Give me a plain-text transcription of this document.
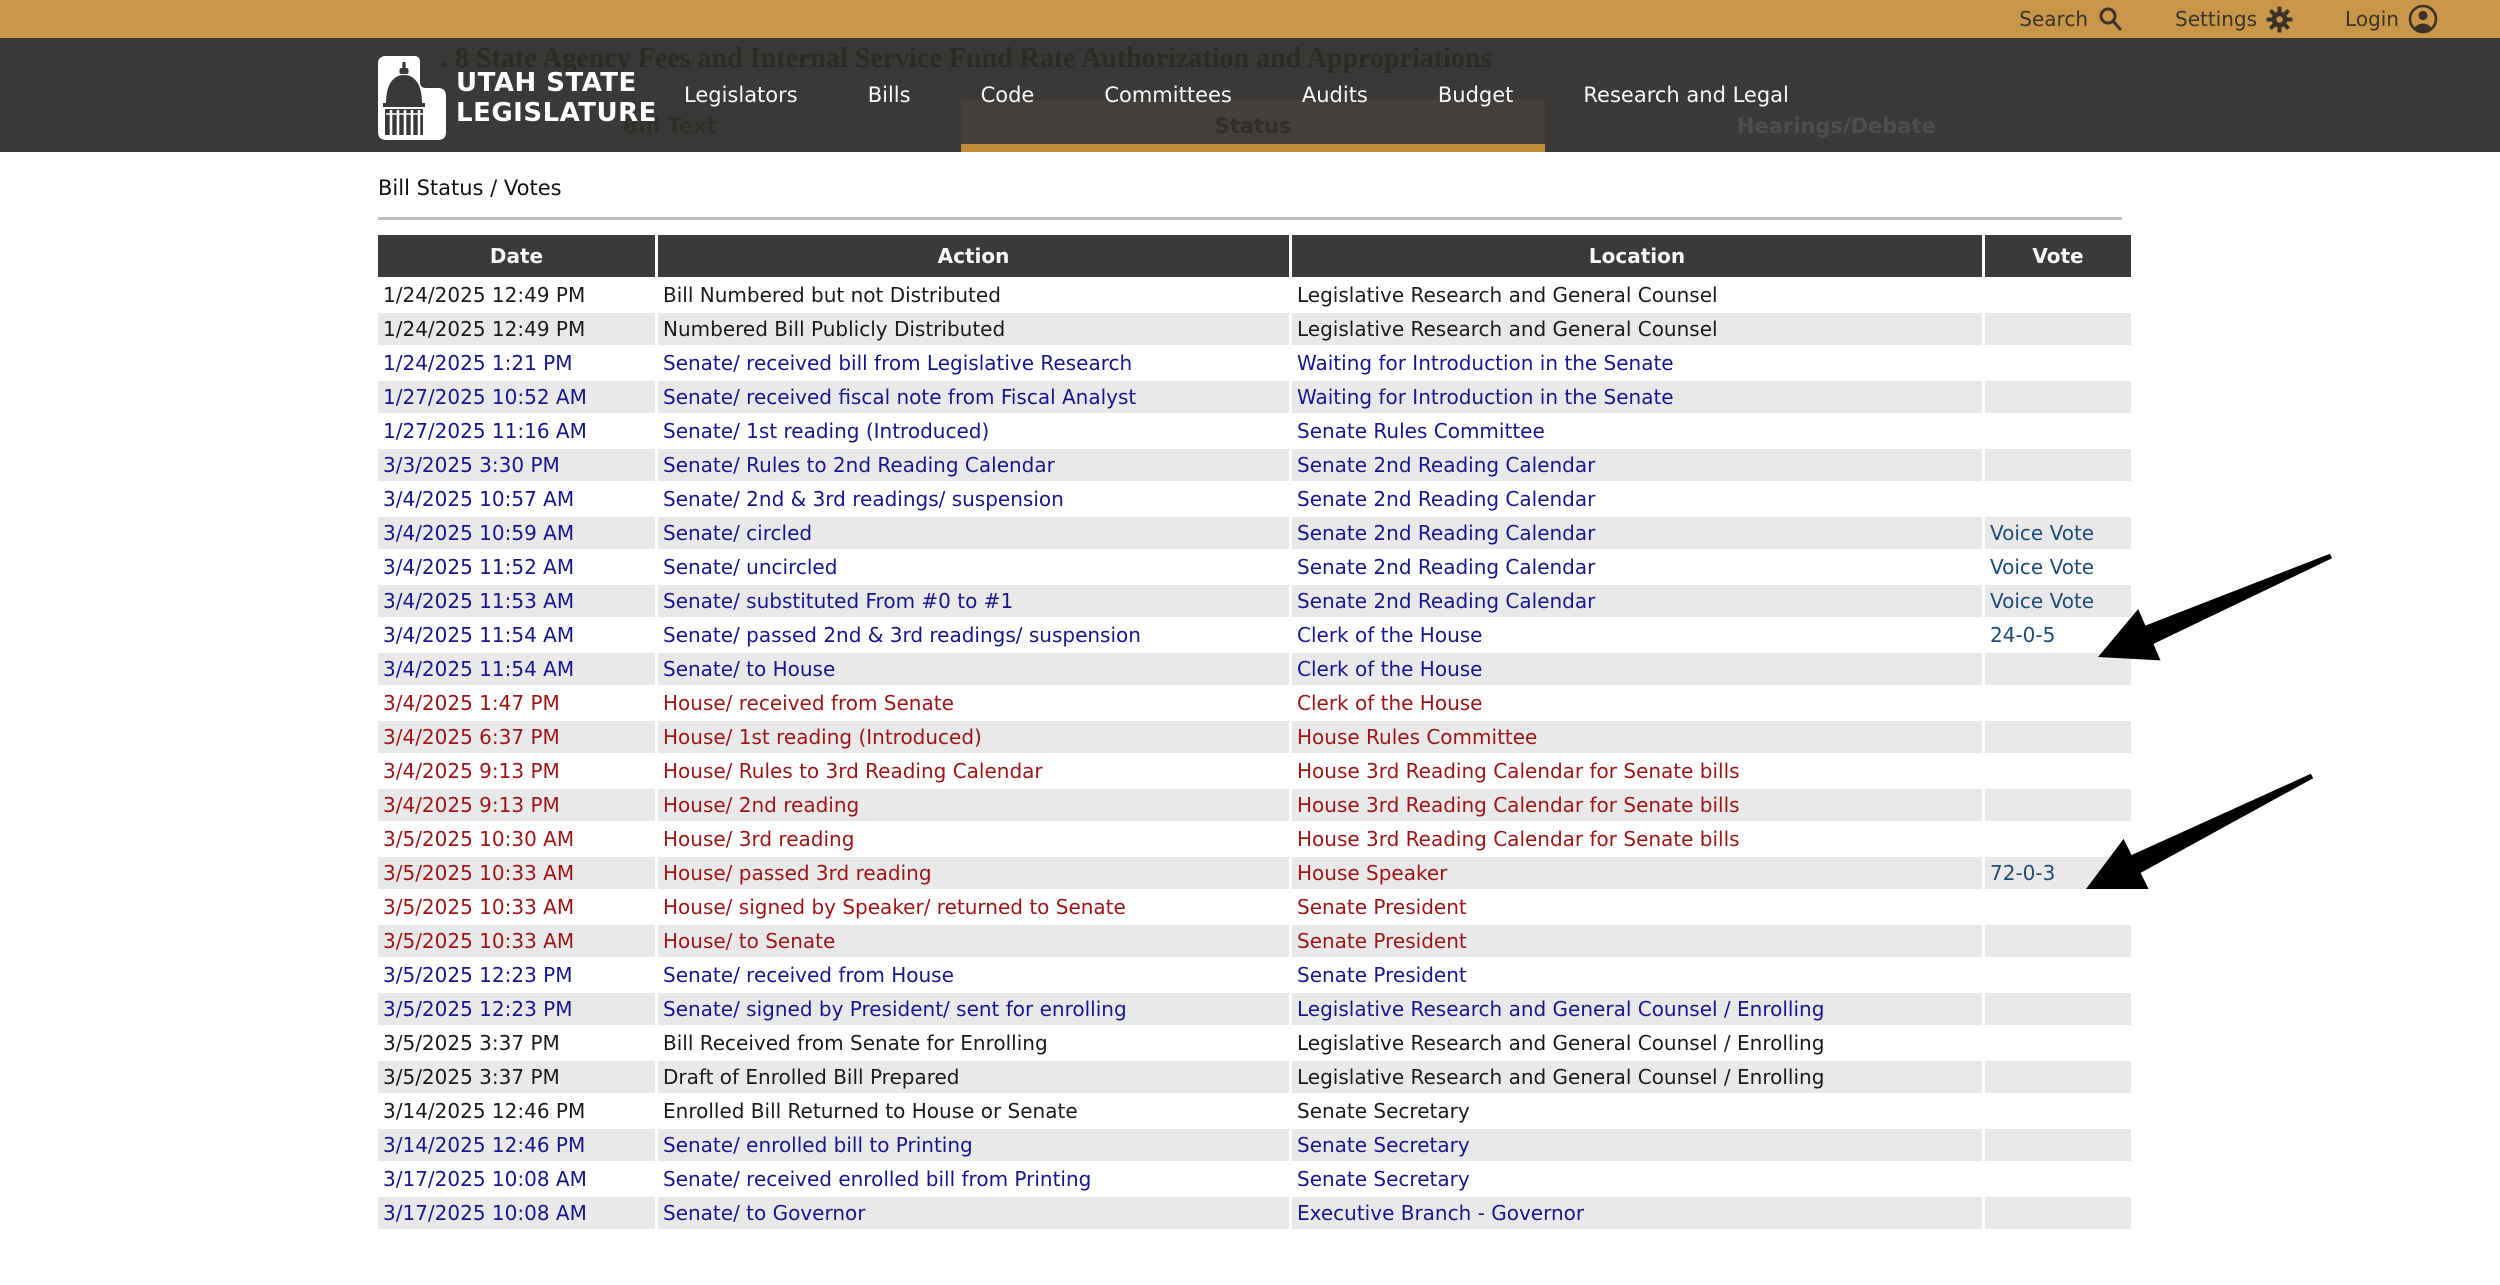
Search	Settings	Login
. 8 State Agency Fees and Internal Service Fund Rate Authorization and Appropriations
Bill Text	Status	Hearings/Debate
UTAH STATE
LEGISLATURE
Legislators	Bills	Code	Committees	Audits	Budget	Research and Legal
Bill Status / Votes
Date	Action	Location	Vote
1/24/2025 12:49 PM	Bill Numbered but not Distributed	Legislative Research and General Counsel	
1/24/2025 12:49 PM	Numbered Bill Publicly Distributed	Legislative Research and General Counsel	
1/24/2025 1:21 PM	Senate/ received bill from Legislative Research	Waiting for Introduction in the Senate	
1/27/2025 10:52 AM	Senate/ received fiscal note from Fiscal Analyst	Waiting for Introduction in the Senate	
1/27/2025 11:16 AM	Senate/ 1st reading (Introduced)	Senate Rules Committee	
3/3/2025 3:30 PM	Senate/ Rules to 2nd Reading Calendar	Senate 2nd Reading Calendar	
3/4/2025 10:57 AM	Senate/ 2nd & 3rd readings/ suspension	Senate 2nd Reading Calendar	
3/4/2025 10:59 AM	Senate/ circled	Senate 2nd Reading Calendar	Voice Vote
3/4/2025 11:52 AM	Senate/ uncircled	Senate 2nd Reading Calendar	Voice Vote
3/4/2025 11:53 AM	Senate/ substituted From #0 to #1	Senate 2nd Reading Calendar	Voice Vote
3/4/2025 11:54 AM	Senate/ passed 2nd & 3rd readings/ suspension	Clerk of the House	24-0-5
3/4/2025 11:54 AM	Senate/ to House	Clerk of the House	
3/4/2025 1:47 PM	House/ received from Senate	Clerk of the House	
3/4/2025 6:37 PM	House/ 1st reading (Introduced)	House Rules Committee	
3/4/2025 9:13 PM	House/ Rules to 3rd Reading Calendar	House 3rd Reading Calendar for Senate bills	
3/4/2025 9:13 PM	House/ 2nd reading	House 3rd Reading Calendar for Senate bills	
3/5/2025 10:30 AM	House/ 3rd reading	House 3rd Reading Calendar for Senate bills	
3/5/2025 10:33 AM	House/ passed 3rd reading	House Speaker	72-0-3
3/5/2025 10:33 AM	House/ signed by Speaker/ returned to Senate	Senate President	
3/5/2025 10:33 AM	House/ to Senate	Senate President	
3/5/2025 12:23 PM	Senate/ received from House	Senate President	
3/5/2025 12:23 PM	Senate/ signed by President/ sent for enrolling	Legislative Research and General Counsel / Enrolling	
3/5/2025 3:37 PM	Bill Received from Senate for Enrolling	Legislative Research and General Counsel / Enrolling	
3/5/2025 3:37 PM	Draft of Enrolled Bill Prepared	Legislative Research and General Counsel / Enrolling	
3/14/2025 12:46 PM	Enrolled Bill Returned to House or Senate	Senate Secretary	
3/14/2025 12:46 PM	Senate/ enrolled bill to Printing	Senate Secretary	
3/17/2025 10:08 AM	Senate/ received enrolled bill from Printing	Senate Secretary	
3/17/2025 10:08 AM	Senate/ to Governor	Executive Branch - Governor	
